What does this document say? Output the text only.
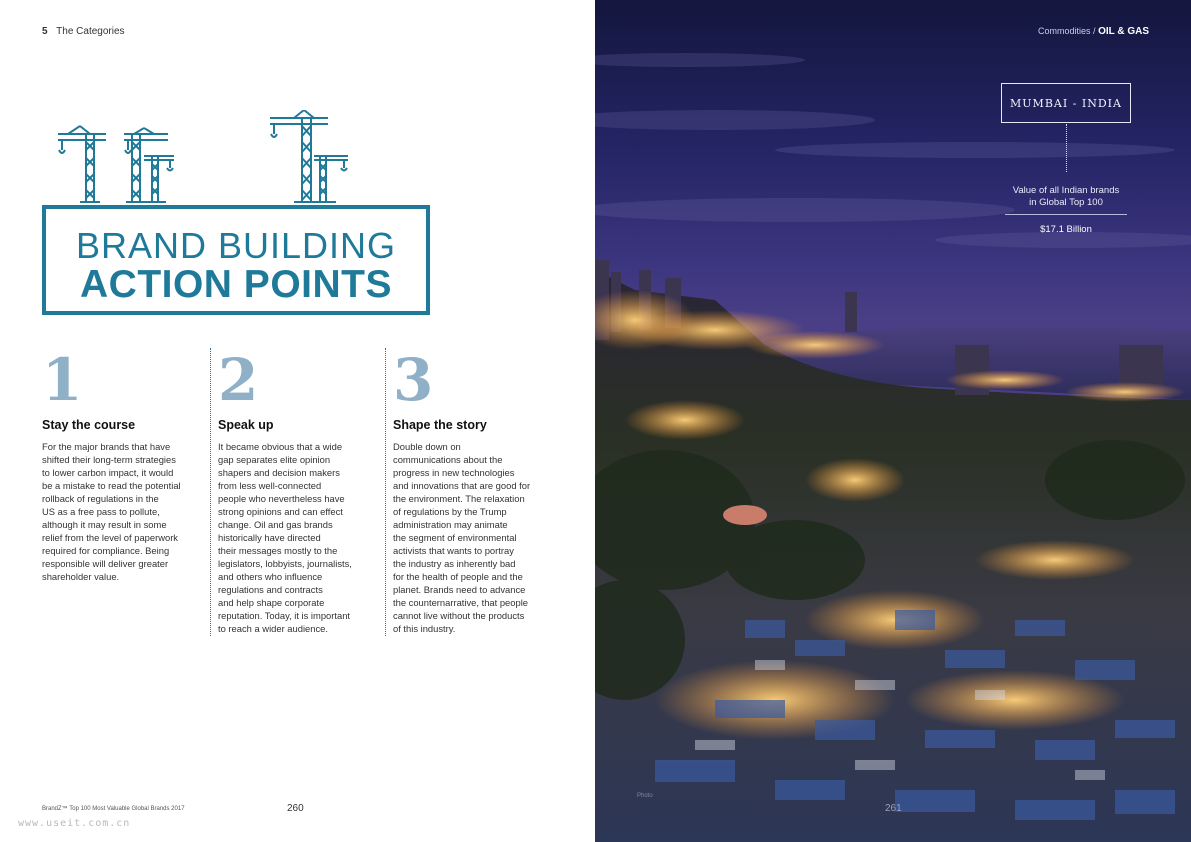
5 The Categories
BRAND BUILDING
ACTION POINTS
1
Stay the course

For the major brands that have
shifted their long-term strategies
to lower carbon impact, it would
be a mistake to read the potential
rollback of regulations in the
US as a free pass to pollute,
although it may result in some
relief from the level of paperwork
required for compliance. Being
responsible will deliver greater
shareholder value.

2
Speak up

It became obvious that a wide
gap separates elite opinion
shapers and decision makers
from less well-connected
people who nevertheless have
strong opinions and can effect
change. Oil and gas brands
historically have directed
their messages mostly to the
legislators, lobbyists, journalists,
and others who influence
regulations and contracts
and help shape corporate
reputation. Today, it is important
to reach a wider audience.

3
Shape the story

Double down on
communications about the
progress in new technologies
and innovations that are good for
the environment. The relaxation
of regulations by the Trump
administration may animate
the segment of environmental
activists that wants to portray
the industry as inherently bad
for the health of people and the
planet. Brands need to advance
the counternarrative, that people
cannot live without the products
of this industry.

BrandZ™ Top 100 Most Valuable Global Brands 2017	260
www.useit.com.cn
Commodities / OIL & GAS
MUMBAI - INDIA
Value of all Indian brands
in Global Top 100
$17.1 Billion
Photo
261
